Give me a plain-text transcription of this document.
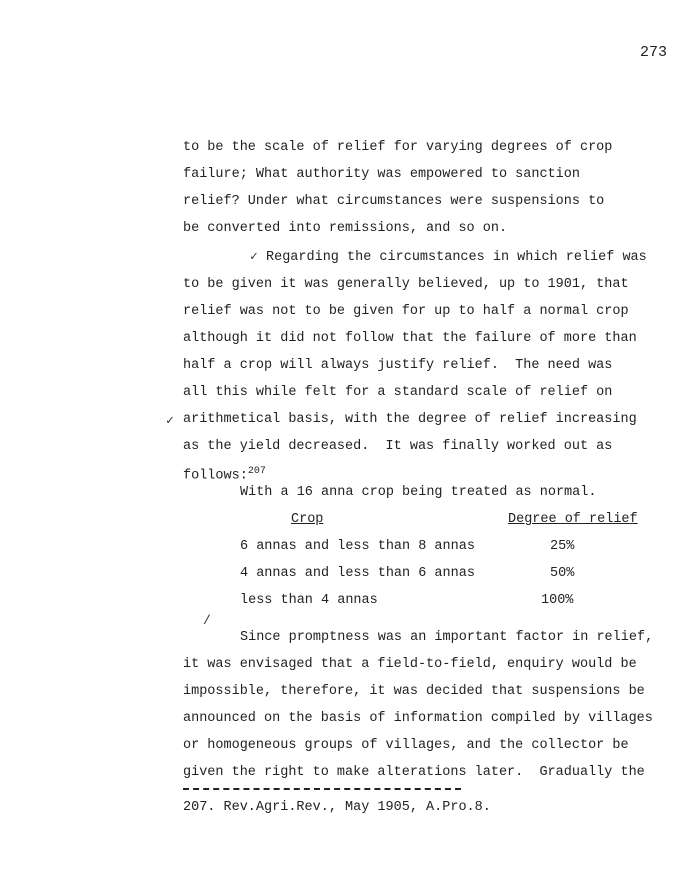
273
to be the scale of relief for varying degrees of crop
failure; What authority was empowered to sanction
relief? Under what circumstances were suspensions to
be converted into remissions, and so on.
✓ Regarding the circumstances in which relief was
to be given it was generally believed, up to 1901, that
relief was not to be given for up to half a normal crop
although it did not follow that the failure of more than
half a crop will always justify relief.  The need was
all this while felt for a standard scale of relief on
arithmetical basis, with the degree of relief increasing
as the yield decreased.  It was finally worked out as
follows:$^{207}$
✓
With a 16 anna crop being treated as normal.
Crop	Degree of relief
6 annas and less than 8 annas	25%
4 annas and less than 6 annas	50%
less than 4 annas	100%
/
Since promptness was an important factor in relief,
it was envisaged that a field-to-field, enquiry would be
impossible, therefore, it was decided that suspensions be
announced on the basis of information compiled by villages
or homogeneous groups of villages, and the collector be
given the right to make alterations later.  Gradually the
207. Rev.Agri.Rev., May 1905, A.Pro.8.
